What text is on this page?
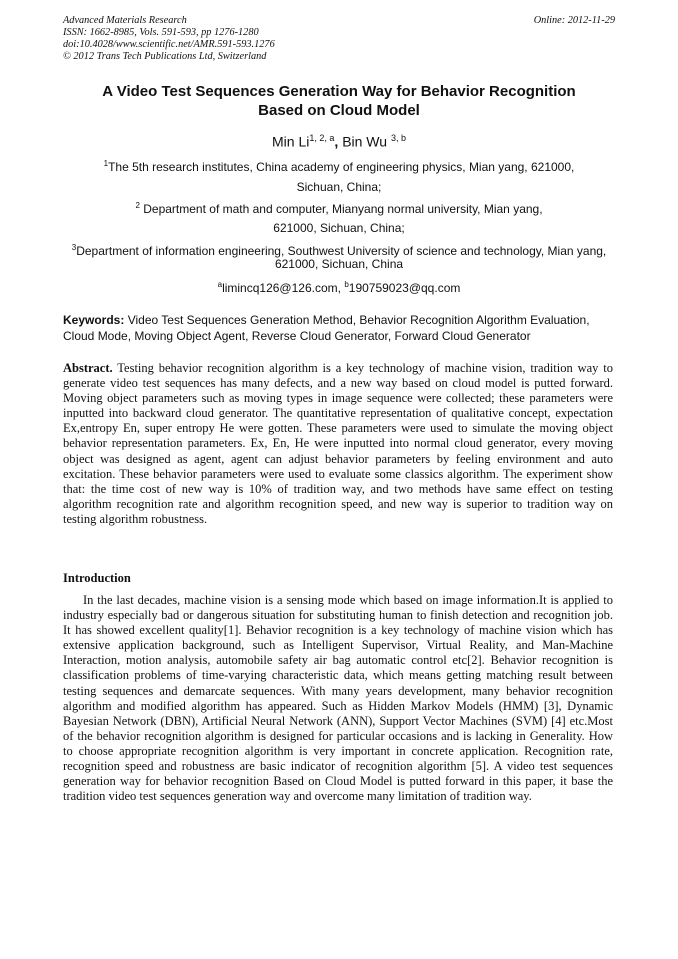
Advanced Materials Research
ISSN: 1662-8985, Vols. 591-593, pp 1276-1280
doi:10.4028/www.scientific.net/AMR.591-593.1276
© 2012 Trans Tech Publications Ltd, Switzerland
Online: 2012-11-29
A Video Test Sequences Generation Way for Behavior Recognition
Based on Cloud Model
Min Li$^{1, 2, a}$, Bin Wu $^{3, b}$
$^1$The 5th research institutes, China academy of engineering physics, Mian yang, 621000,
Sichuan, China;
$^2$ Department of math and computer, Mianyang normal university, Mian yang,
621000, Sichuan, China;
$^3$Department of information engineering, Southwest University of science and technology, Mian yang,
621000, Sichuan, China
$^a$limincq126@126.com, $^b$190759023@qq.com
Keywords: Video Test Sequences Generation Method, Behavior Recognition Algorithm Evaluation, Cloud Mode, Moving Object Agent, Reverse Cloud Generator, Forward Cloud Generator
Abstract. Testing behavior recognition algorithm is a key technology of machine vision, tradition way to generate video test sequences has many defects, and a new way based on cloud model is putted forward. Moving object parameters such as moving types in image sequence were collected; these parameters were inputted into backward cloud generator. The quantitative representation of qualitative concept, expectation Ex,entropy En, super entropy He were gotten. These parameters were used to simulate the moving object behavior representation parameters. Ex, En, He were inputted into normal cloud generator, every moving object was designed as agent, agent can adjust behavior parameters by feeling environment and auto excitation. These behavior parameters were used to evaluate some classics algorithm. The experiment show that: the time cost of new way is 10% of tradition way, and two methods have same effect on testing algorithm recognition rate and algorithm recognition speed, and new way is superior to tradition way on testing algorithm robustness.
Introduction
In the last decades, machine vision is a sensing mode which based on image information.It is applied to industry especially bad or dangerous situation for substituting human to finish detection and recognition job. It has showed excellent quality[1]. Behavior recognition is a key technology of machine vision which has extensive application background, such as Intelligent Supervisor, Virtual Reality, and Man-Machine Interaction, motion analysis, automobile safety air bag automatic control etc[2]. Behavior recognition is classification problems of time-varying characteristic data, which means getting matching result between testing sequences and demarcate sequences. With many years development, many behavior recognition algorithm and modified algorithm has appeared. Such as Hidden Markov Models (HMM) [3], Dynamic Bayesian Network (DBN), Artificial Neural Network (ANN), Support Vector Machines (SVM) [4] etc.Most of the behavior recognition algorithm is designed for particular occasions and is lacking in Generality. How to choose appropriate recognition algorithm is very important in concrete application. Recognition rate, recognition speed and robustness are basic indicator of recognition algorithm [5]. A video test sequences generation way for behavior recognition Based on Cloud Model is putted forward in this paper, it base the tradition video test sequences generation way and overcome many limitation of tradition way.
